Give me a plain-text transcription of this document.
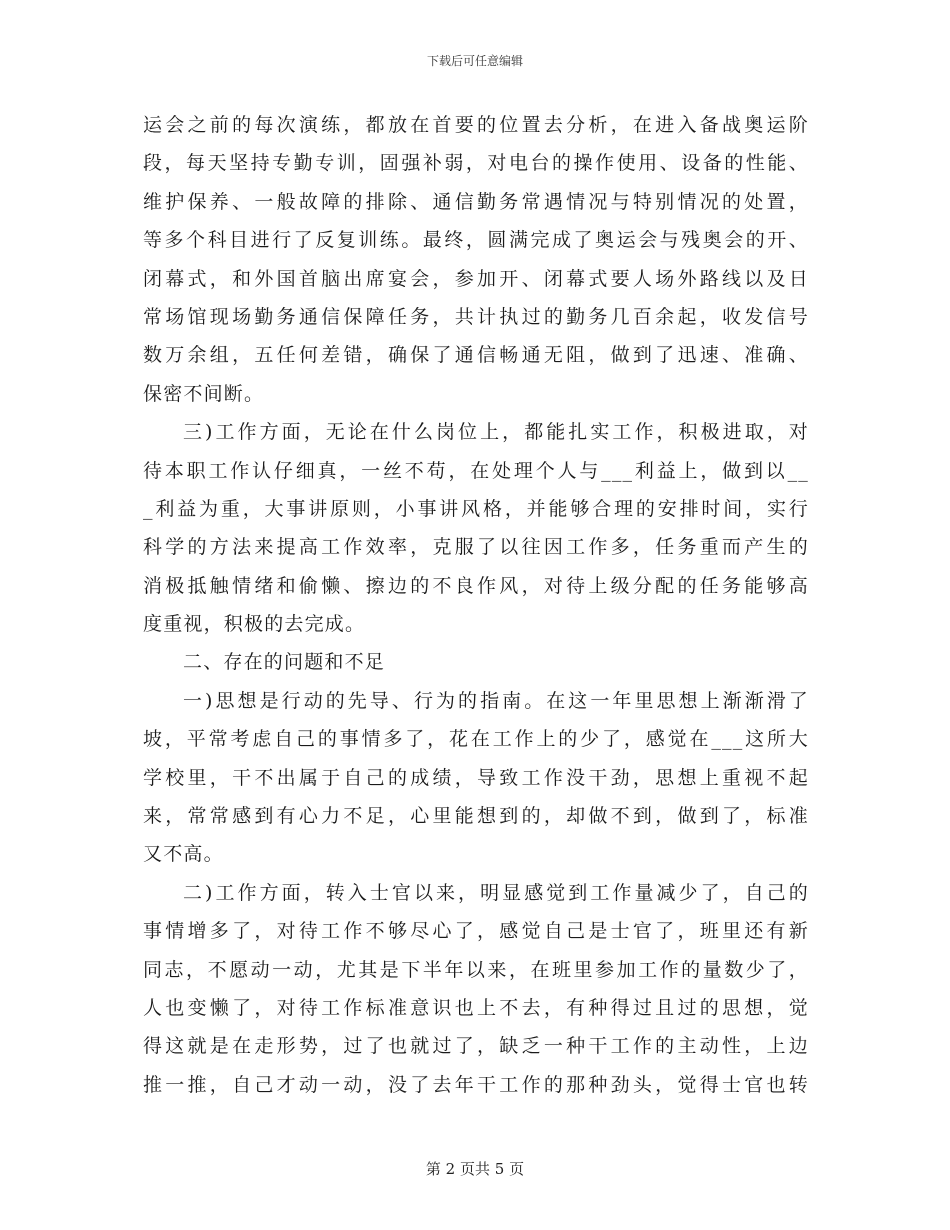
下载后可任意编辑
运会之前的每次演练，都放在首要的位置去分析，在进入备战奥运阶
段，每天坚持专勤专训，固强补弱，对电台的操作使用、设备的性能、
维护保养、一般故障的排除、通信勤务常遇情况与特别情况的处置，
等多个科目进行了反复训练。最终，圆满完成了奥运会与残奥会的开、
闭幕式，和外国首脑出席宴会，参加开、闭幕式要人场外路线以及日
常场馆现场勤务通信保障任务，共计执过的勤务几百余起，收发信号
数万余组，五任何差错，确保了通信畅通无阻，做到了迅速、准确、
保密不间断。
三)工作方面，无论在什么岗位上，都能扎实工作，积极进取，对
待本职工作认仔细真，一丝不苟，在处理个人与___利益上，做到以__
_利益为重，大事讲原则，小事讲风格，并能够合理的安排时间，实行
科学的方法来提高工作效率，克服了以往因工作多，任务重而产生的
消极抵触情绪和偷懒、擦边的不良作风，对待上级分配的任务能够高
度重视，积极的去完成。
二、存在的问题和不足
一)思想是行动的先导、行为的指南。在这一年里思想上渐渐滑了
坡，平常考虑自己的事情多了，花在工作上的少了，感觉在___这所大
学校里，干不出属于自己的成绩，导致工作没干劲，思想上重视不起
来，常常感到有心力不足，心里能想到的，却做不到，做到了，标准
又不高。
二)工作方面，转入士官以来，明显感觉到工作量减少了，自己的
事情增多了，对待工作不够尽心了，感觉自己是士官了，班里还有新
同志，不愿动一动，尤其是下半年以来，在班里参加工作的量数少了，
人也变懒了，对待工作标准意识也上不去，有种得过且过的思想，觉
得这就是在走形势，过了也就过了，缺乏一种干工作的主动性，上边
推一推，自己才动一动，没了去年干工作的那种劲头，觉得士官也转
第 2 页共 5 页
